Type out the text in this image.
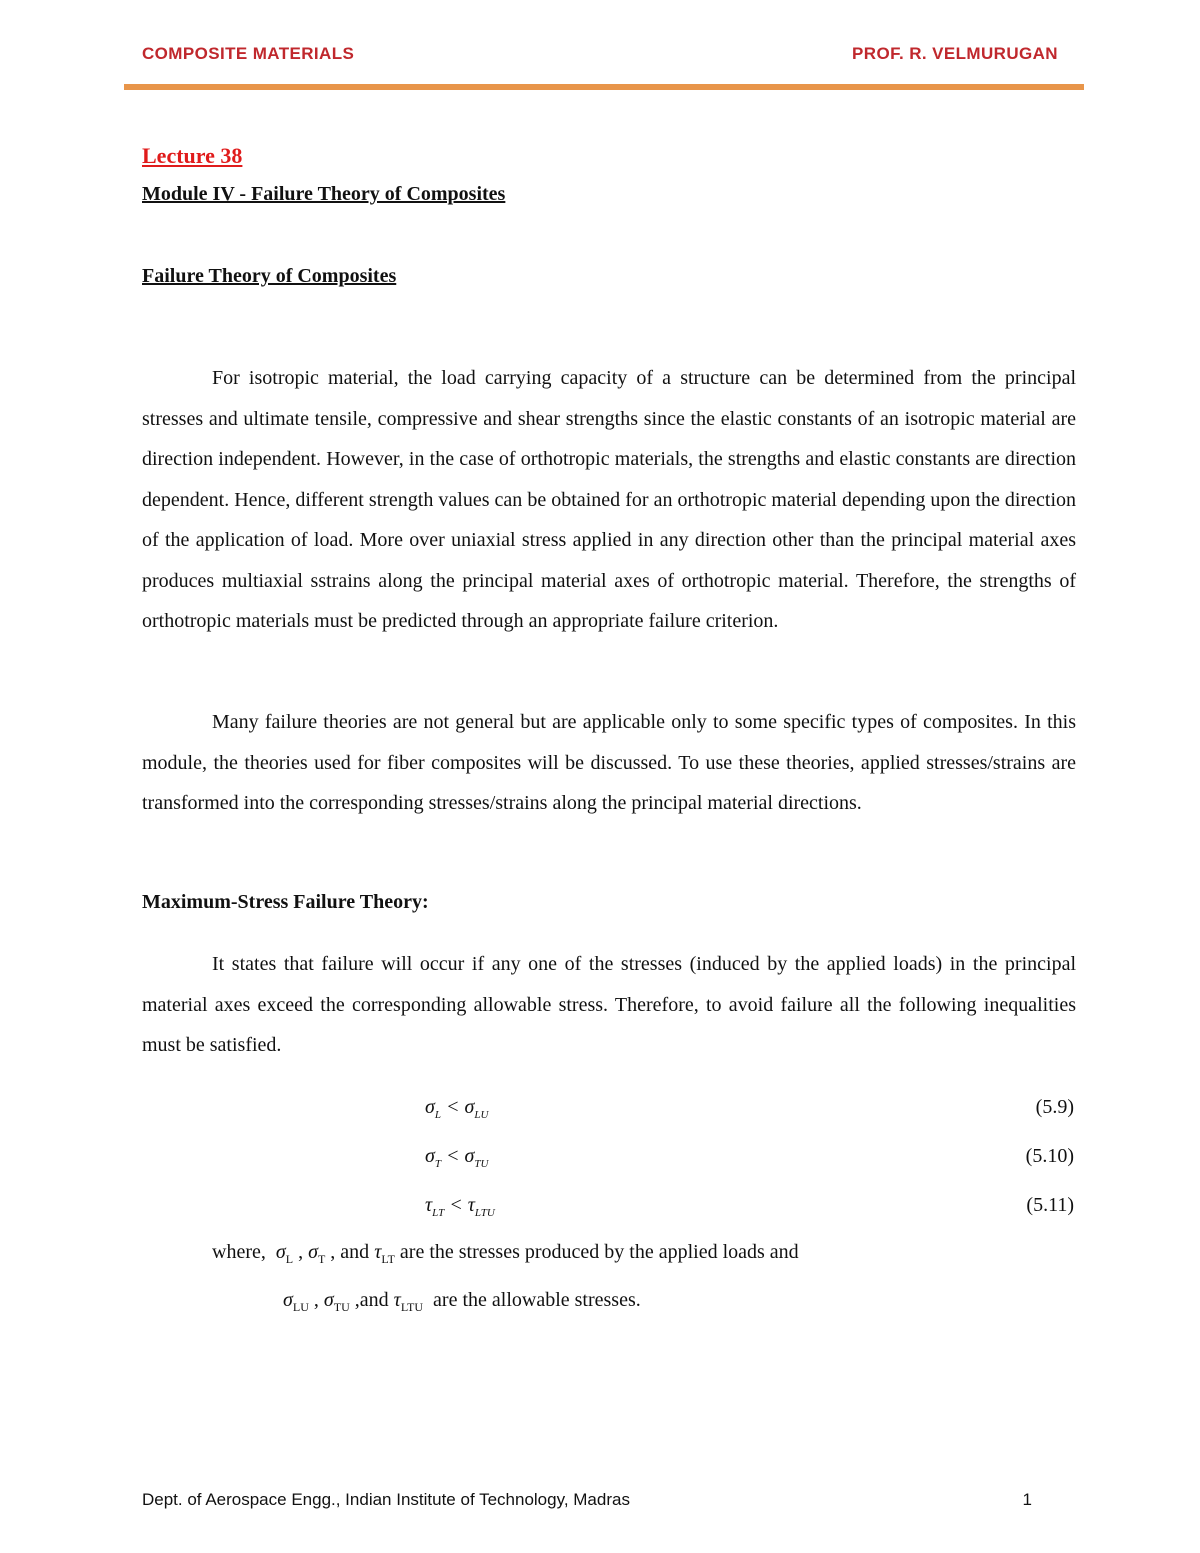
COMPOSITE MATERIALS	PROF. R. VELMURUGAN
Lecture 38
Module IV - Failure Theory of Composites
Failure Theory of Composites

For isotropic material, the load carrying capacity of a structure can be determined from the principal stresses and ultimate tensile, compressive and shear strengths since the elastic constants of an isotropic material are direction independent. However, in the case of orthotropic materials, the strengths and elastic constants are direction dependent. Hence, different strength values can be obtained for an orthotropic material depending upon the direction of the application of load. More over uniaxial stress applied in any direction other than the principal material axes produces multiaxial sstrains along the principal material axes of orthotropic material. Therefore, the strengths of orthotropic materials must be predicted through an appropriate failure criterion.

Many failure theories are not general but are applicable only to some specific types of composites. In this module, the theories used for fiber composites will be discussed. To use these theories, applied stresses/strains are transformed into the corresponding stresses/strains along the principal material directions.

Maximum-Stress Failure Theory:

It states that failure will occur if any one of the stresses (induced by the applied loads) in the principal material axes exceed the corresponding allowable stress. Therefore, to avoid failure all the following inequalities must be satisfied.

$\sigma_L < \sigma_{LU}$	(5.9)
$\sigma_T < \sigma_{TU}$	(5.10)
$\tau_{LT} < \tau_{LTU}$	(5.11)
where, $\sigma_L$ , $\sigma_T$ , and $\tau_{LT}$ are the stresses produced by the applied loads and
$\sigma_{LU}$ , $\sigma_{TU}$ ,and $\tau_{LTU}$ are the allowable stresses.
Dept. of Aerospace Engg., Indian Institute of Technology, Madras	1
